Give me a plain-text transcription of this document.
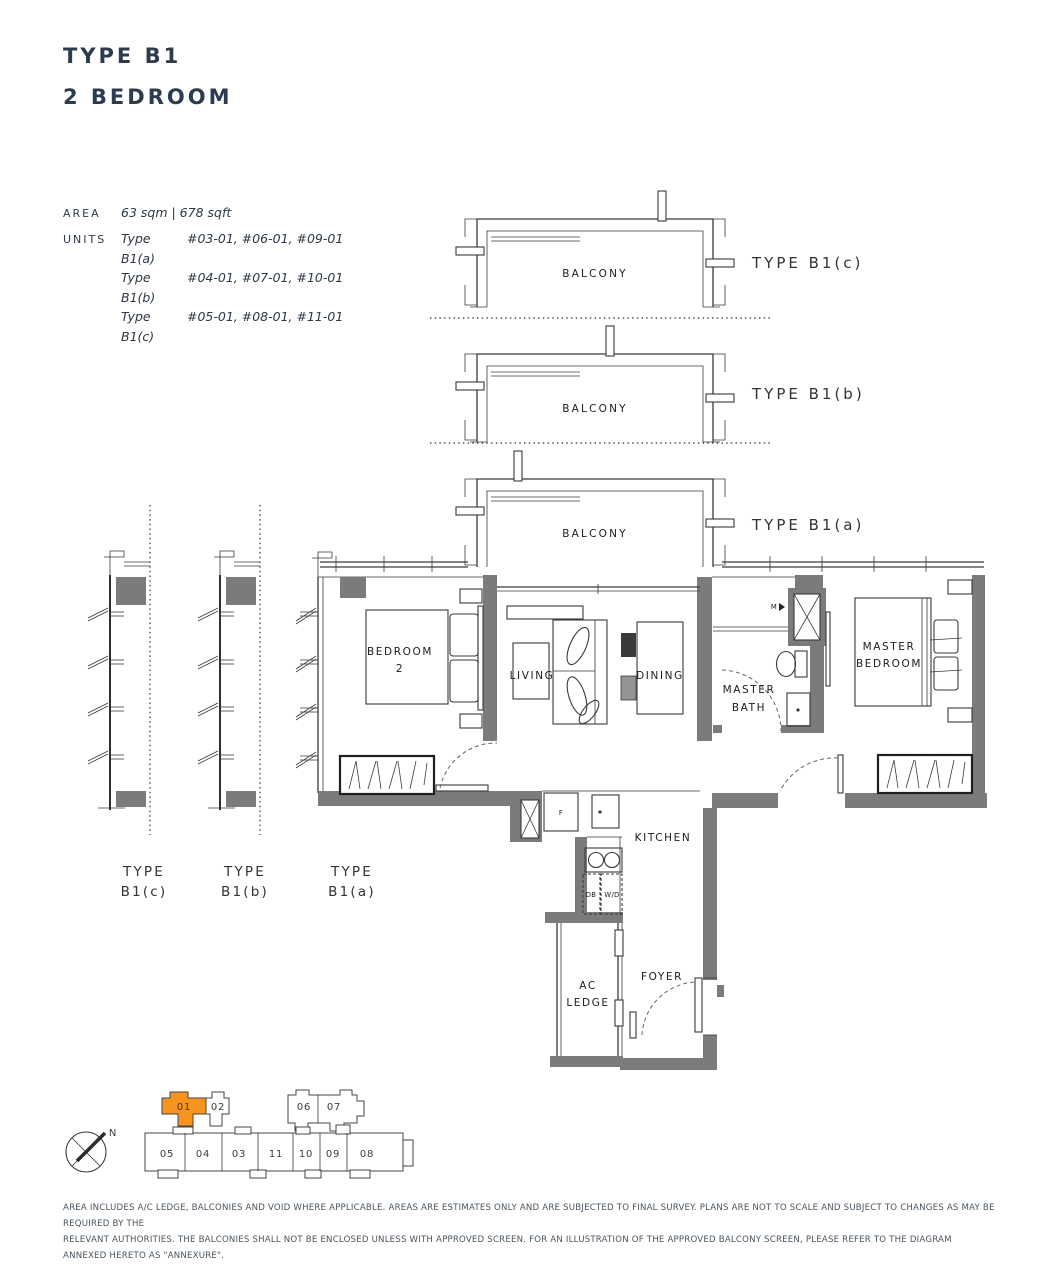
TYPE B1
2 BEDROOM
AREA	63 sqm | 678 sqft
UNITS	Type B1(a)
#03-01, #06-01, #09-01
Type B1(b)
#04-01, #07-01, #10-01
Type B1(c)
#05-01, #08-01, #11-01
BALCONY
TYPE B1(c)
BALCONY
TYPE B1(b)
BALCONY	TYPE B1(a)
BEDROOM
2
LIVING	DINING
M
MASTER
BATH
MASTER
BEDROOM
F
DB W/D
KITCHEN
AC
LEDGE
FOYER
TYPE
B1(c)
TYPE
B1(b)
TYPE
B1(a)
N
01 02	06 07
05 04 03 11 10 09 08
AREA INCLUDES A/C LEDGE, BALCONIES AND VOID WHERE APPLICABLE. AREAS ARE ESTIMATES ONLY AND ARE SUBJECTED TO FINAL SURVEY. PLANS ARE NOT TO SCALE AND SUBJECT TO CHANGES AS MAY BE REQUIRED BY THE
RELEVANT AUTHORITIES. THE BALCONIES SHALL NOT BE ENCLOSED UNLESS WITH APPROVED SCREEN. FOR AN ILLUSTRATION OF THE APPROVED BALCONY SCREEN, PLEASE REFER TO THE DIAGRAM ANNEXED HERETO AS "ANNEXURE".
